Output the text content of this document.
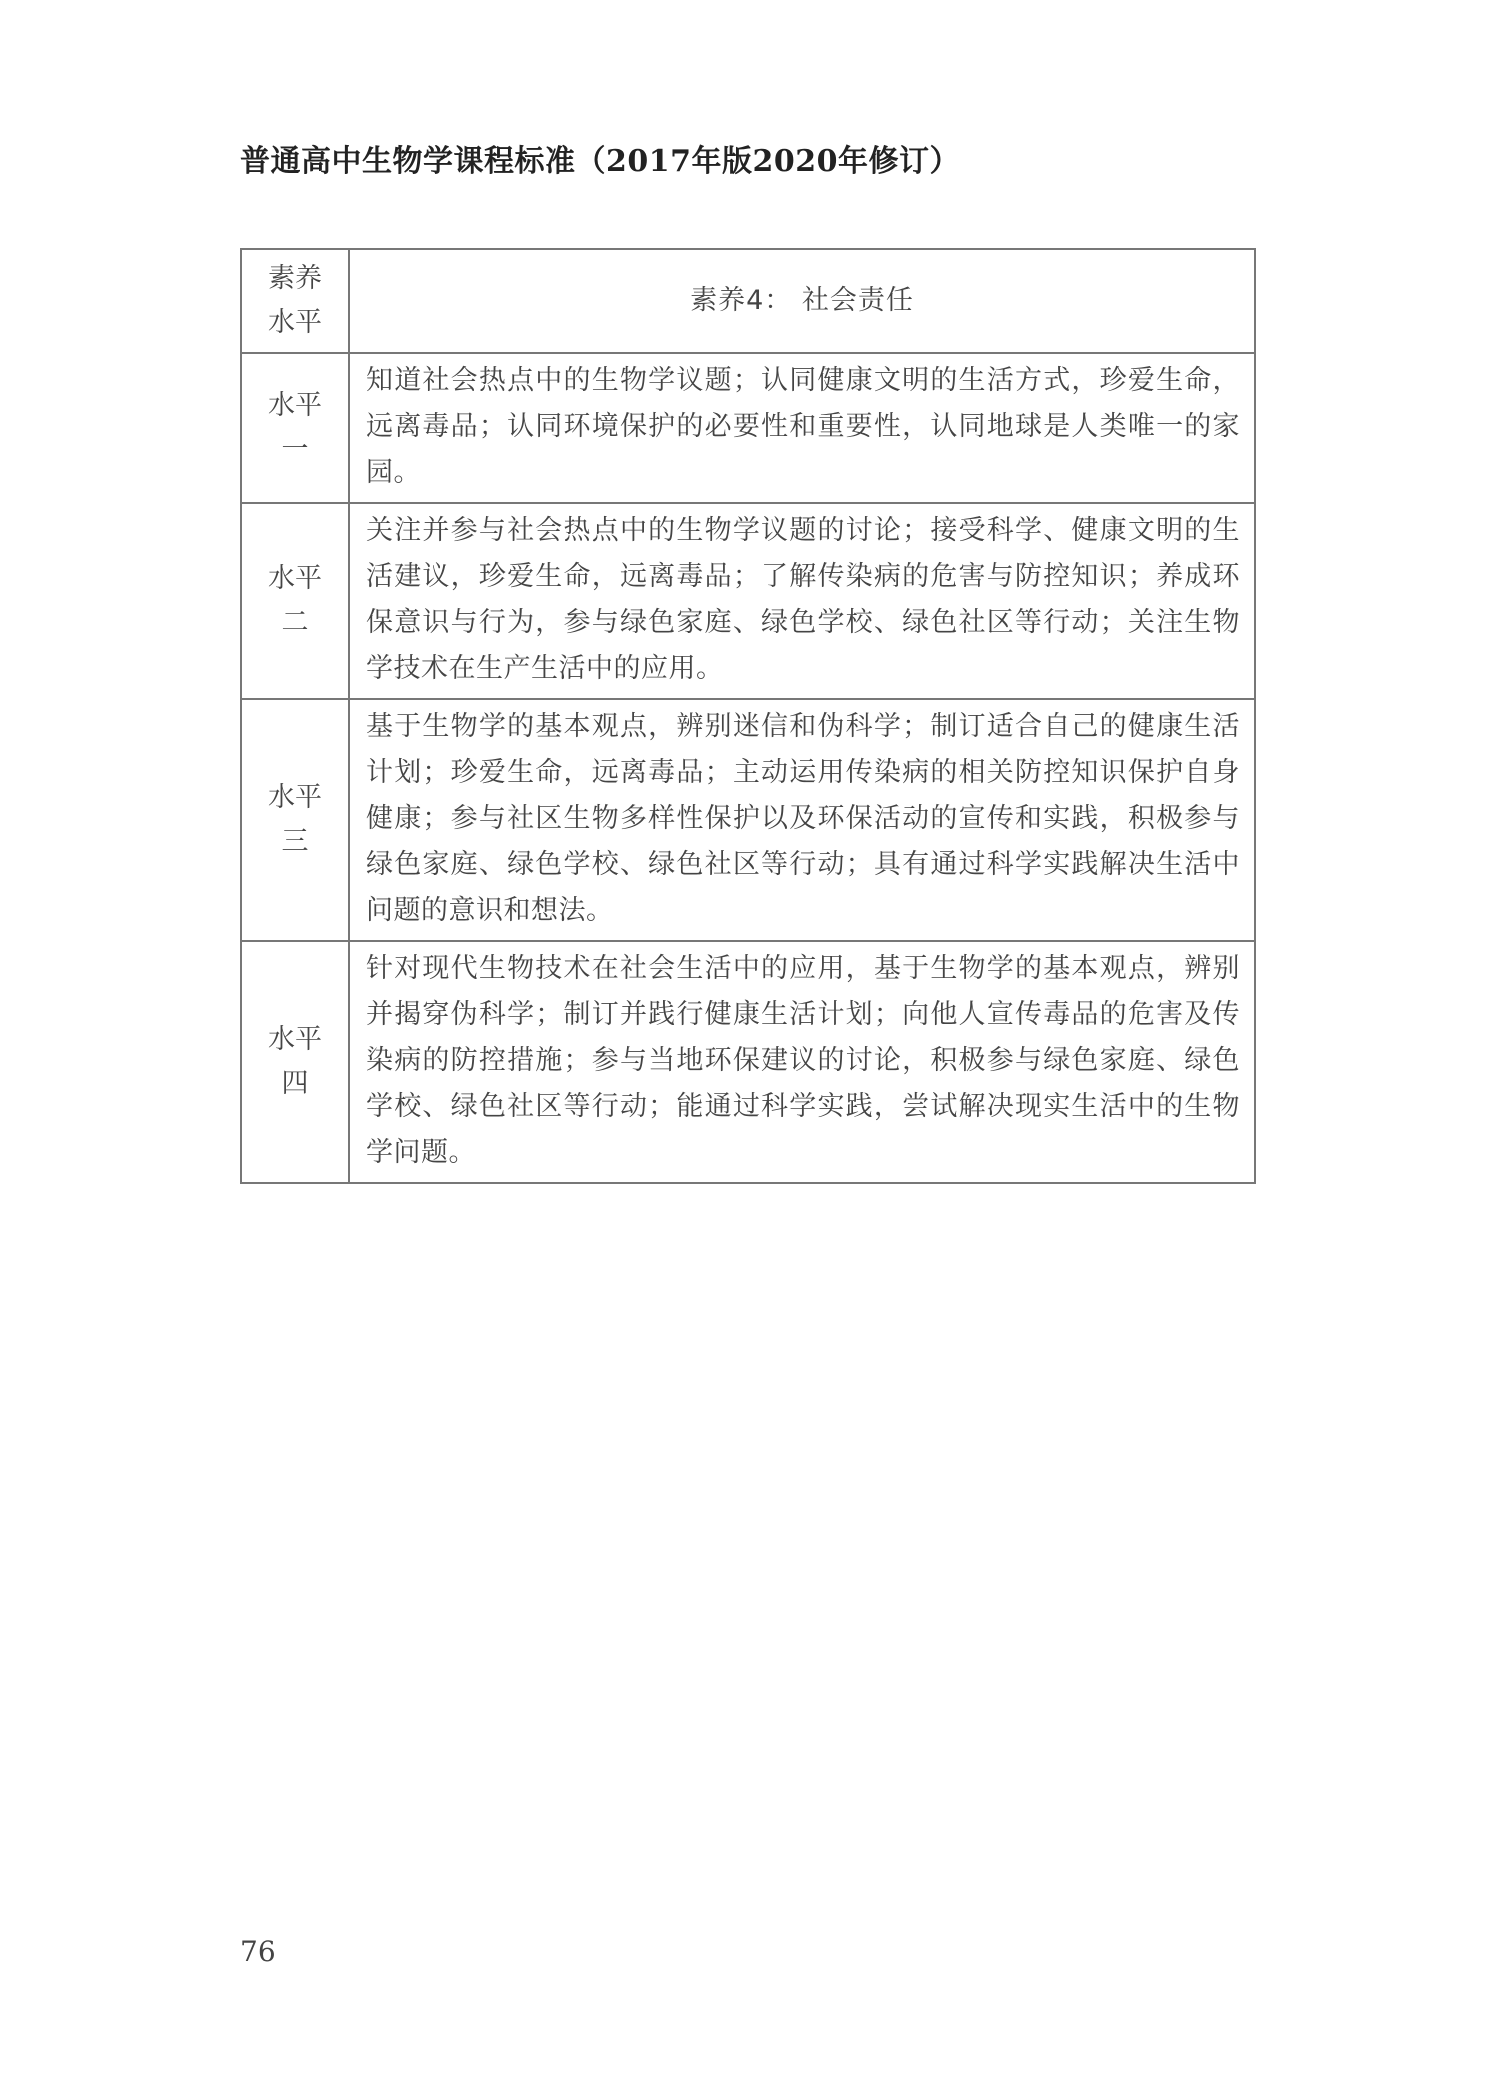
普通高中生物学课程标准（2017年版2020年修订）
素养
水平	素养4： 社会责任

水平
一	知道社会热点中的生物学议题；认同健康文明的生活方式，珍爱生命，远离毒品；认同环境保护的必要性和重要性，认同地球是人类唯一的家园。

水平
二	关注并参与社会热点中的生物学议题的讨论；接受科学、健康文明的生活建议，珍爱生命，远离毒品；了解传染病的危害与防控知识；养成环保意识与行为，参与绿色家庭、绿色学校、绿色社区等行动；关注生物学技术在生产生活中的应用。

水平
三	基于生物学的基本观点，辨别迷信和伪科学；制订适合自己的健康生活计划；珍爱生命，远离毒品；主动运用传染病的相关防控知识保护自身健康；参与社区生物多样性保护以及环保活动的宣传和实践，积极参与绿色家庭、绿色学校、绿色社区等行动；具有通过科学实践解决生活中问题的意识和想法。

水平
四	针对现代生物技术在社会生活中的应用，基于生物学的基本观点，辨别并揭穿伪科学；制订并践行健康生活计划；向他人宣传毒品的危害及传染病的防控措施；参与当地环保建议的讨论，积极参与绿色家庭、绿色学校、绿色社区等行动；能通过科学实践，尝试解决现实生活中的生物学问题。
76
